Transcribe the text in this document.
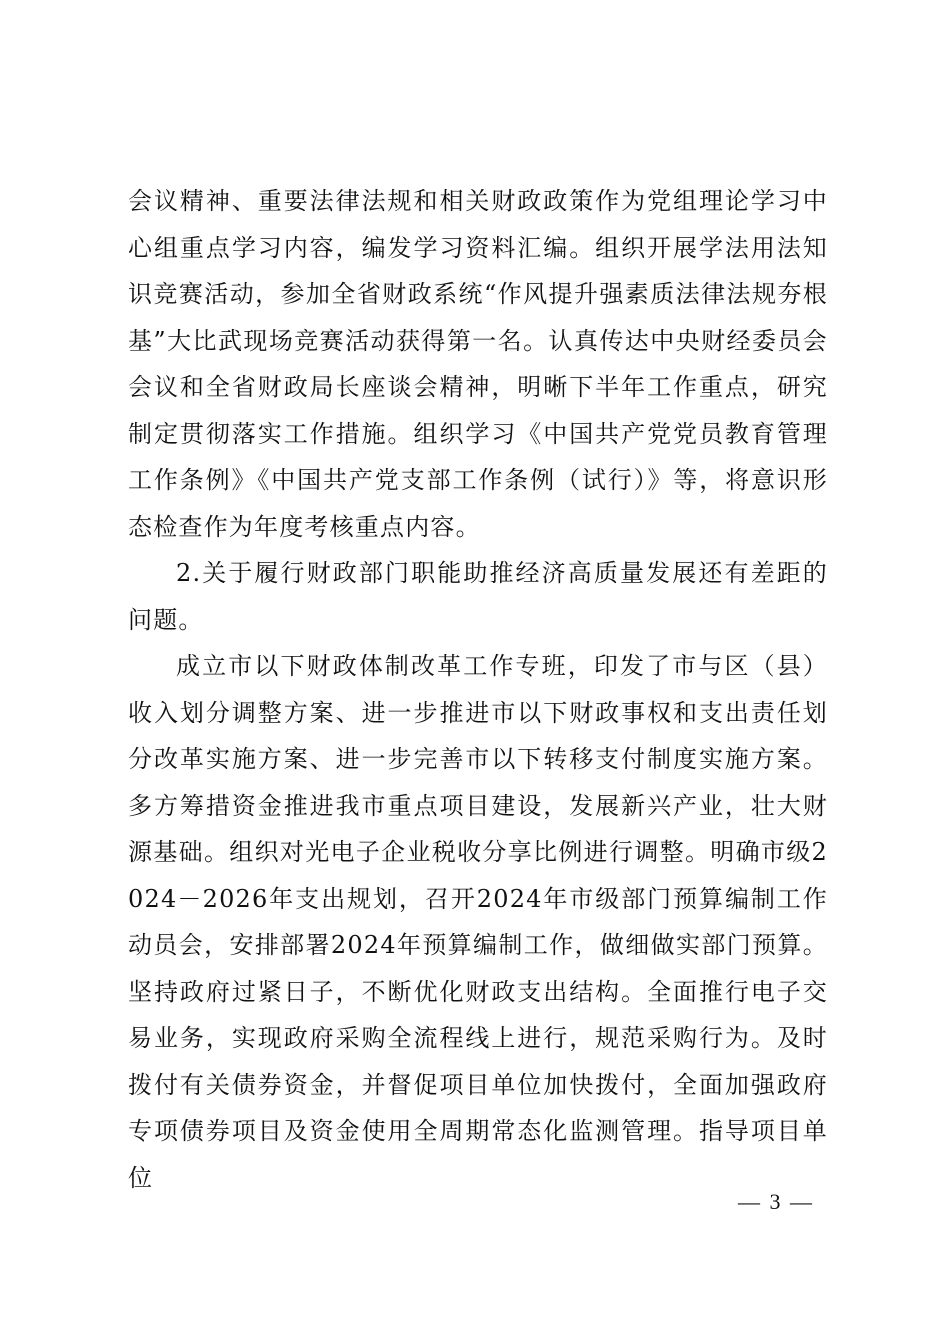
会议精神、重要法律法规和相关财政政策作为党组理论学习中心组重点学习内容，编发学习资料汇编。组织开展学法用法知识竞赛活动，参加全省财政系统“作风提升强素质法律法规夯根基”大比武现场竞赛活动获得第一名。认真传达中央财经委员会会议和全省财政局长座谈会精神，明晰下半年工作重点，研究制定贯彻落实工作措施。组织学习《中国共产党党员教育管理工作条例》《中国共产党支部工作条例（试行）》等，将意识形态检查作为年度考核重点内容。

2.关于履行财政部门职能助推经济高质量发展还有差距的问题。

成立市以下财政体制改革工作专班，印发了市与区（县）收入划分调整方案、进一步推进市以下财政事权和支出责任划分改革实施方案、进一步完善市以下转移支付制度实施方案。多方筹措资金推进我市重点项目建设，发展新兴产业，壮大财源基础。组织对光电子企业税收分享比例进行调整。明确市级2024－2026年支出规划，召开2024年市级部门预算编制工作动员会，安排部署2024年预算编制工作，做细做实部门预算。坚持政府过紧日子，不断优化财政支出结构。全面推行电子交易业务，实现政府采购全流程线上进行，规范采购行为。及时拨付有关债券资金，并督促项目单位加快拨付，全面加强政府专项债券项目及资金使用全周期常态化监测管理。指导项目单位

— 3 —
